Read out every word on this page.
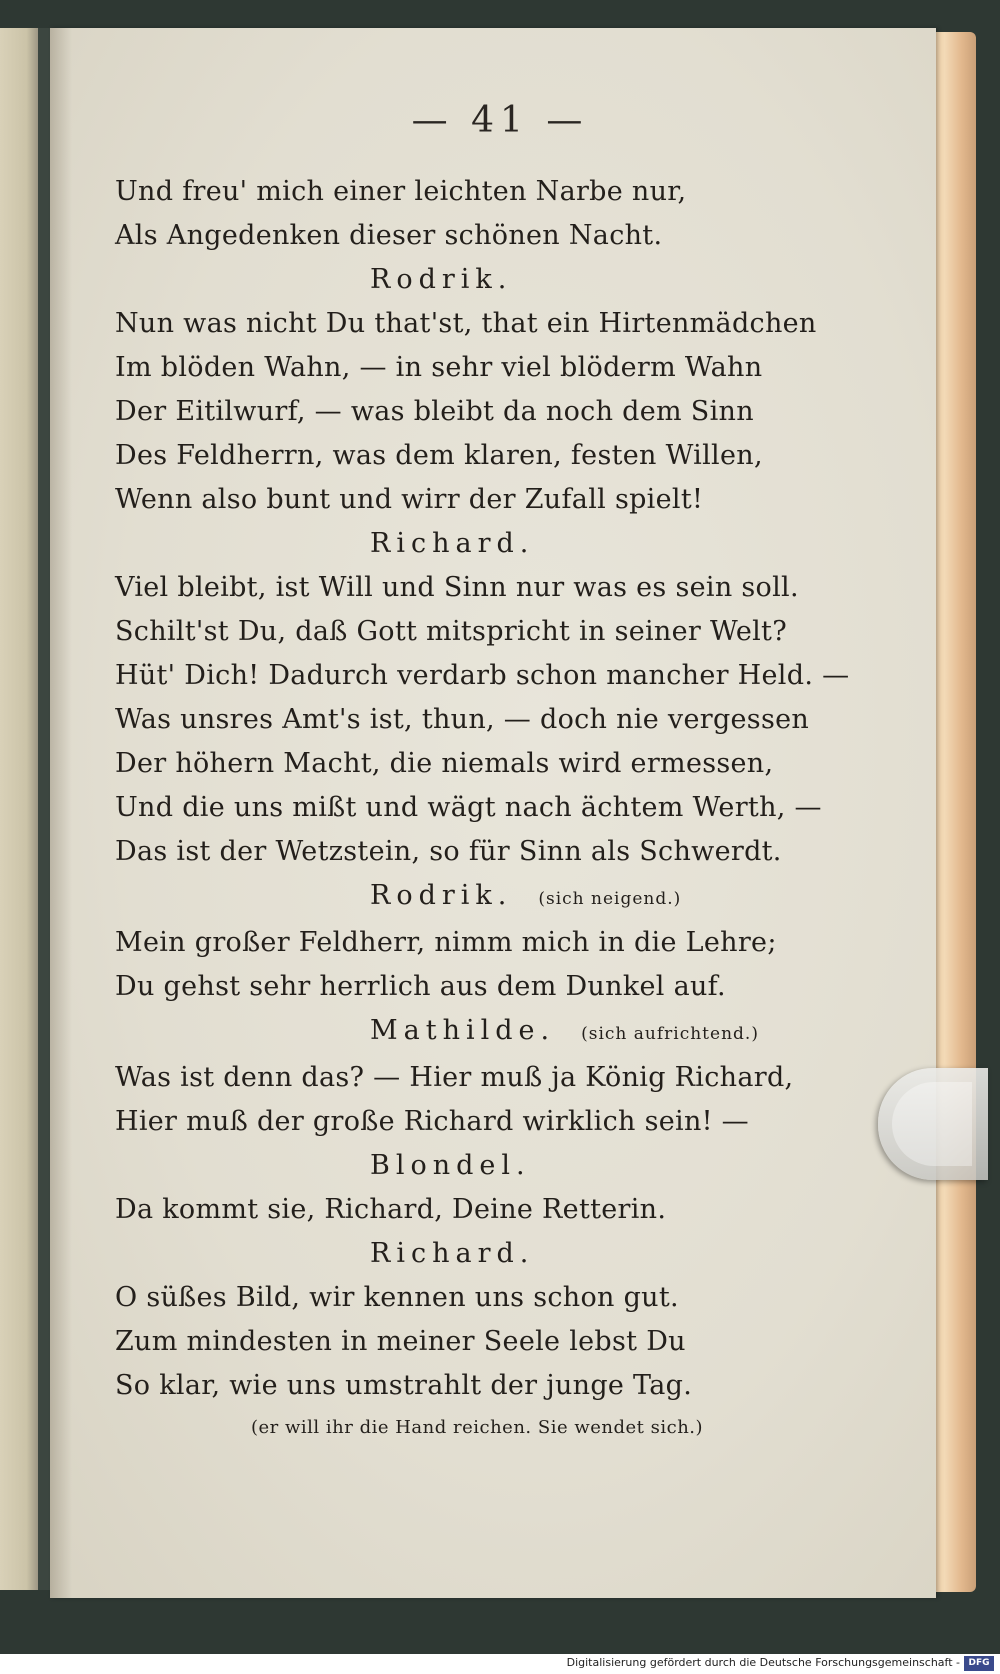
— 41 —
Und freu' mich einer leichten Narbe nur,
Als Angedenken dieser schönen Nacht.
Rodrik.
Nun was nicht Du that'st, that ein Hirtenmädchen
Im blöden Wahn, — in sehr viel blöderm Wahn
Der Eitilwurf, — was bleibt da noch dem Sinn
Des Feldherrn, was dem klaren, festen Willen,
Wenn also bunt und wirr der Zufall spielt!
Richard.
Viel bleibt, ist Will und Sinn nur was es sein soll.
Schilt'st Du, daß Gott mitspricht in seiner Welt?
Hüt' Dich! Dadurch verdarb schon mancher Held. —
Was unsres Amt's ist, thun, — doch nie vergessen
Der höhern Macht, die niemals wird ermessen,
Und die uns mißt und wägt nach ächtem Werth, —
Das ist der Wetzstein, so für Sinn als Schwerdt.
Rodrik. (sich neigend.)
Mein großer Feldherr, nimm mich in die Lehre;
Du gehst sehr herrlich aus dem Dunkel auf.
Mathilde. (sich aufrichtend.)
Was ist denn das? — Hier muß ja König Richard,
Hier muß der große Richard wirklich sein! —
Blondel.
Da kommt sie, Richard, Deine Retterin.
Richard.
O süßes Bild, wir kennen uns schon gut.
Zum mindesten in meiner Seele lebst Du
So klar, wie uns umstrahlt der junge Tag.
(er will ihr die Hand reichen. Sie wendet sich.)
Digitalisierung gefördert durch die Deutsche Forschungsgemeinschaft - DFG
